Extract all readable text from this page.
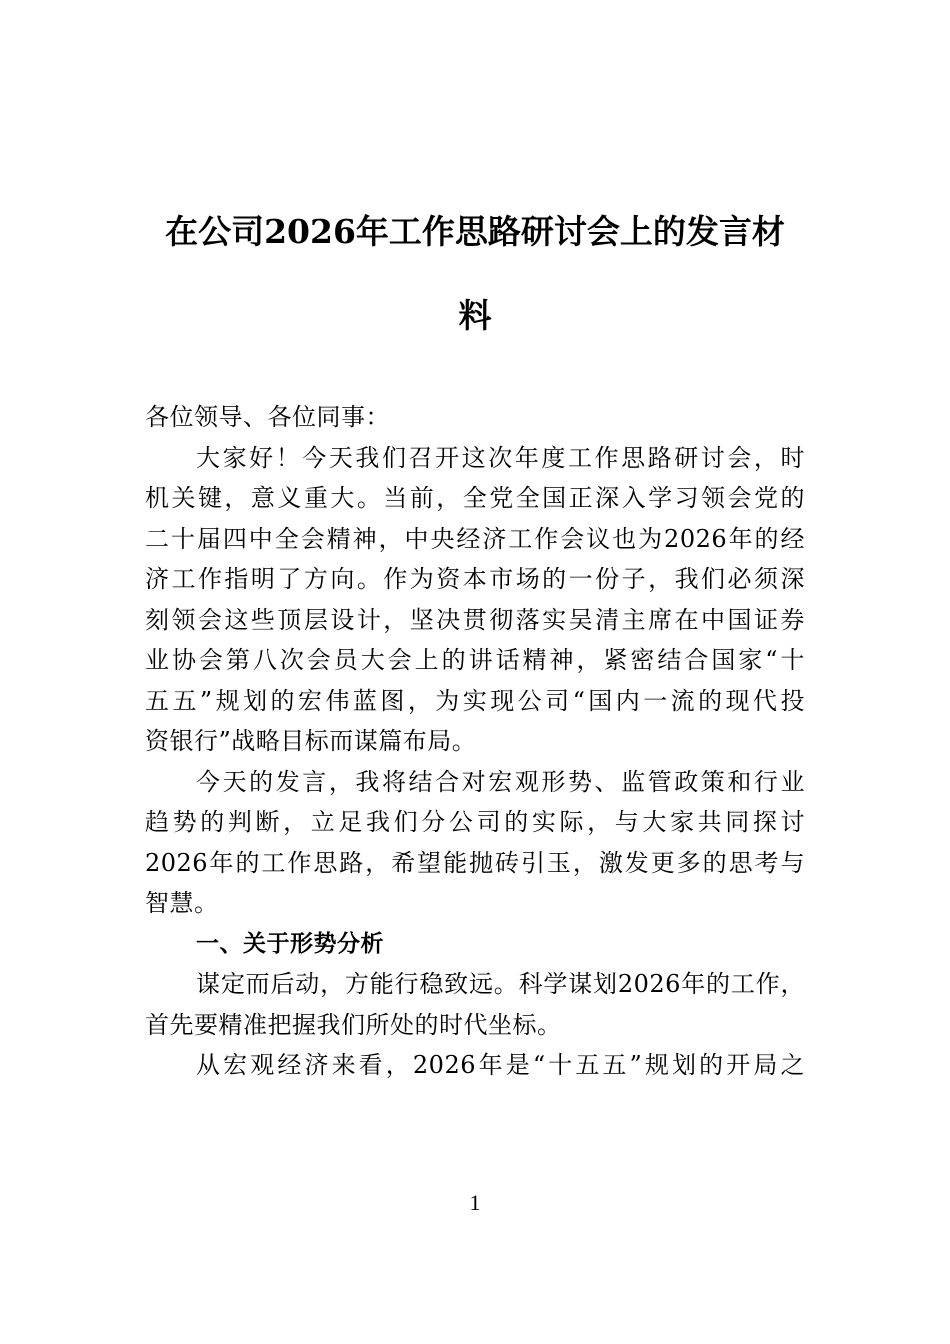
在公司2026年工作思路研讨会上的发言材
料
各位领导、各位同事：
大家好！今天我们召开这次年度工作思路研讨会，时
机关键，意义重大。当前，全党全国正深入学习领会党的
二十届四中全会精神，中央经济工作会议也为2026年的经
济工作指明了方向。作为资本市场的一份子，我们必须深
刻领会这些顶层设计，坚决贯彻落实吴清主席在中国证券
业协会第八次会员大会上的讲话精神，紧密结合国家“十
五五”规划的宏伟蓝图，为实现公司“国内一流的现代投
资银行”战略目标而谋篇布局。
今天的发言，我将结合对宏观形势、监管政策和行业
趋势的判断，立足我们分公司的实际，与大家共同探讨
2026年的工作思路，希望能抛砖引玉，激发更多的思考与
智慧。
一、关于形势分析
谋定而后动，方能行稳致远。科学谋划2026年的工作，
首先要精准把握我们所处的时代坐标。
从宏观经济来看，2026年是“十五五”规划的开局之
1
